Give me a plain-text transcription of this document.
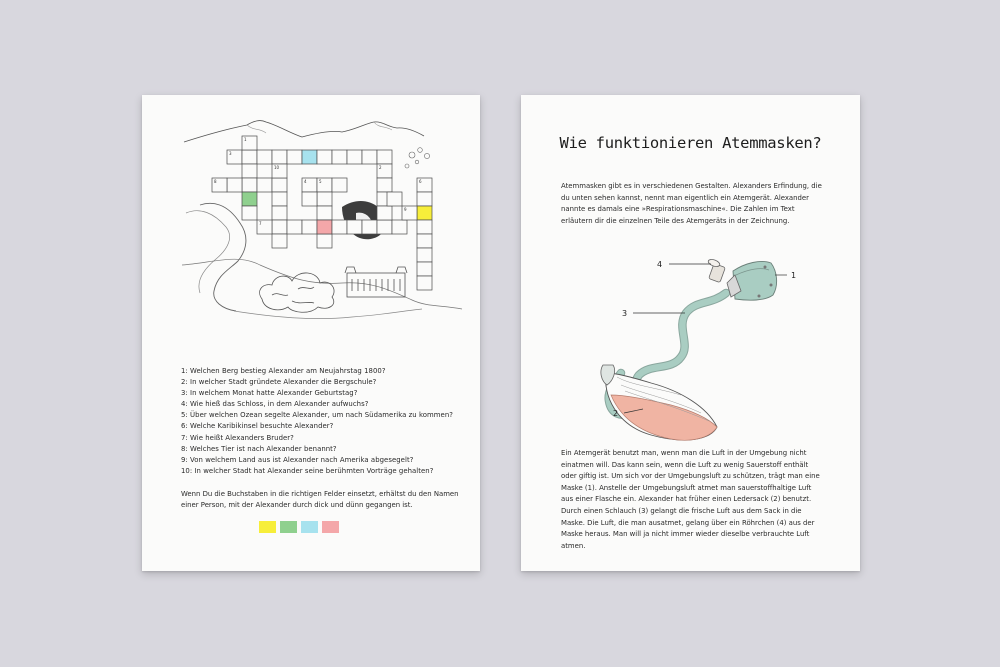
3
1
8	4	5
7
6
2
9
10
1: Welchen Berg bestieg Alexander am Neujahrstag 1800?
2: In welcher Stadt gründete Alexander die Bergschule?
3: In welchem Monat hatte Alexander Geburtstag?
4: Wie hieß das Schloss, in dem Alexander aufwuchs?
5: Über welchen Ozean segelte Alexander, um nach Südamerika zu kommen?
6: Welche Karibikinsel besuchte Alexander?
7: Wie heißt Alexanders Bruder?
8: Welches Tier ist nach Alexander benannt?
9: Von welchem Land aus ist Alexander nach Amerika abgesegelt?
10: In welcher Stadt hat Alexander seine berühmten Vorträge gehalten?

Wenn Du die Buchstaben in die richtigen Felder einsetzt, erhältst du den Namen einer Person, mit der Alexander durch dick und dünn gegangen ist.

Wie funktionieren Atemmasken?

Atemmasken gibt es in verschiedenen Gestalten. Alexanders Erfindung, die du unten sehen kannst, nennt man eigentlich ein Atemgerät. Alexander nannte es damals eine »Respirationsmaschine«. Die Zahlen im Text erläutern dir die einzelnen Teile des Atemgeräts in der Zeichnung.

4
1
3
2

Ein Atemgerät benutzt man, wenn man die Luft in der Umgebung nicht einatmen will. Das kann sein, wenn die Luft zu wenig Sauerstoff enthält oder giftig ist. Um sich vor der Umgebungsluft zu schützen, trägt man eine Maske (1). Anstelle der Umgebungsluft atmet man sauerstoffhaltige Luft aus einer Flasche ein. Alexander hat früher einen Ledersack (2) benutzt. Durch einen Schlauch (3) gelangt die frische Luft aus dem Sack in die Maske. Die Luft, die man ausatmet, gelang über ein Röhrchen (4) aus der Maske heraus. Man will ja nicht immer wieder dieselbe verbrauchte Luft atmen.
